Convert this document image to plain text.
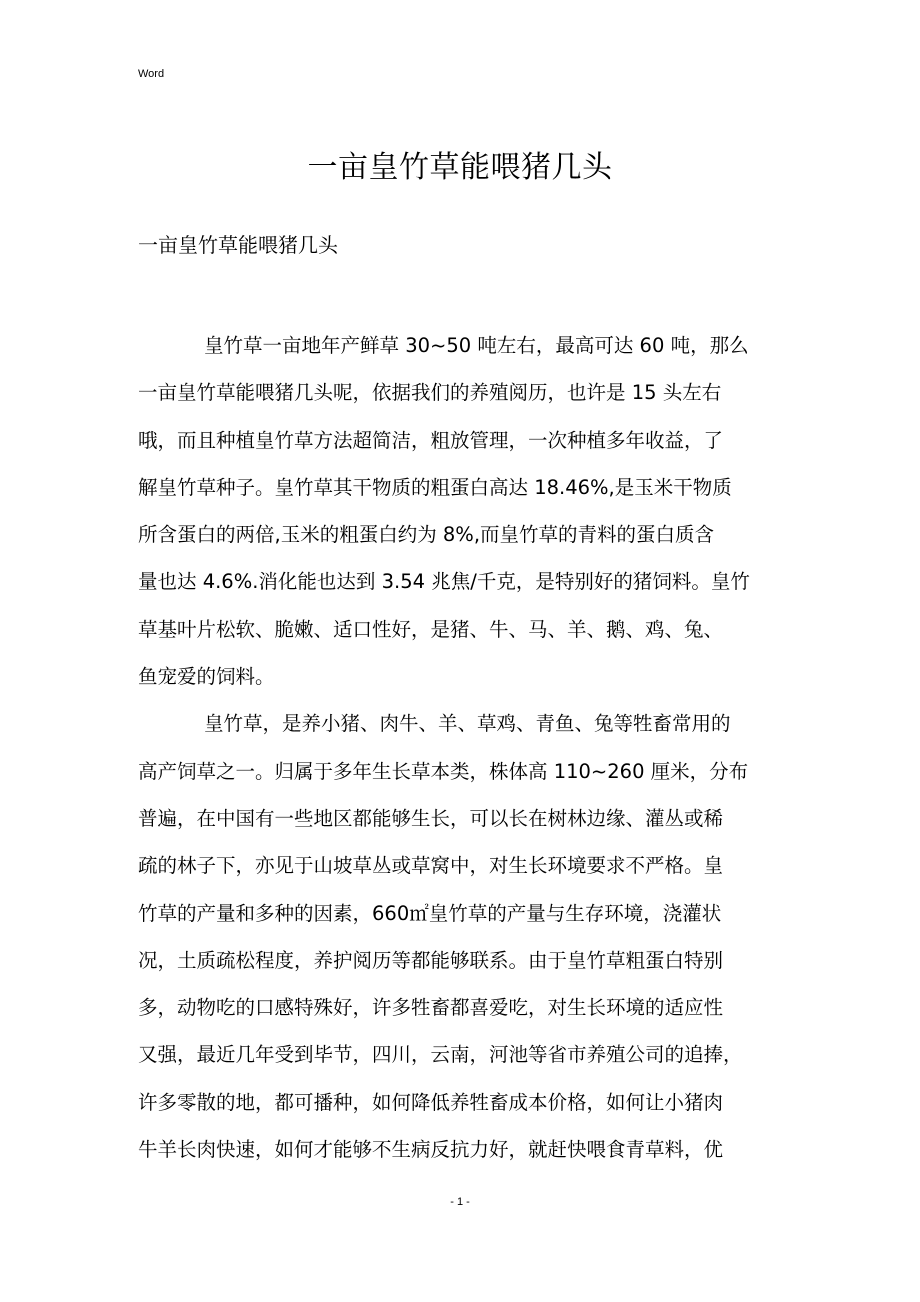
Word
一亩皇竹草能喂猪几头
一亩皇竹草能喂猪几头
皇竹草一亩地年产鲜草 30~50 吨左右，最高可达 60 吨，那么
一亩皇竹草能喂猪几头呢，依据我们的养殖阅历，也许是 15 头左右
哦，而且种植皇竹草方法超简洁，粗放管理，一次种植多年收益，了
解皇竹草种子。皇竹草其干物质的粗蛋白高达 18.46%,是玉米干物质
所含蛋白的两倍,玉米的粗蛋白约为 8%,而皇竹草的青料的蛋白质含
量也达 4.6%.消化能也达到 3.54 兆焦/千克，是特别好的猪饲料。皇竹
草基叶片松软、脆嫩、适口性好，是猪、牛、马、羊、鹅、鸡、兔、
鱼宠爱的饲料。
皇竹草，是养小猪、肉牛、羊、草鸡、青鱼、兔等牲畜常用的
高产饲草之一。归属于多年生长草本类，株体高 110~260 厘米，分布
普遍，在中国有一些地区都能够生长，可以长在树林边缘、灌丛或稀
疏的林子下，亦见于山坡草丛或草窝中，对生长环境要求不严格。皇
竹草的产量和多种的因素，660㎡皇竹草的产量与生存环境，浇灌状
况，土质疏松程度，养护阅历等都能够联系。由于皇竹草粗蛋白特别
多，动物吃的口感特殊好，许多牲畜都喜爱吃，对生长环境的适应性
又强，最近几年受到毕节，四川，云南，河池等省市养殖公司的追捧，
许多零散的地，都可播种，如何降低养牲畜成本价格，如何让小猪肉
牛羊长肉快速，如何才能够不生病反抗力好，就赶快喂食青草料，优
- 1 -
